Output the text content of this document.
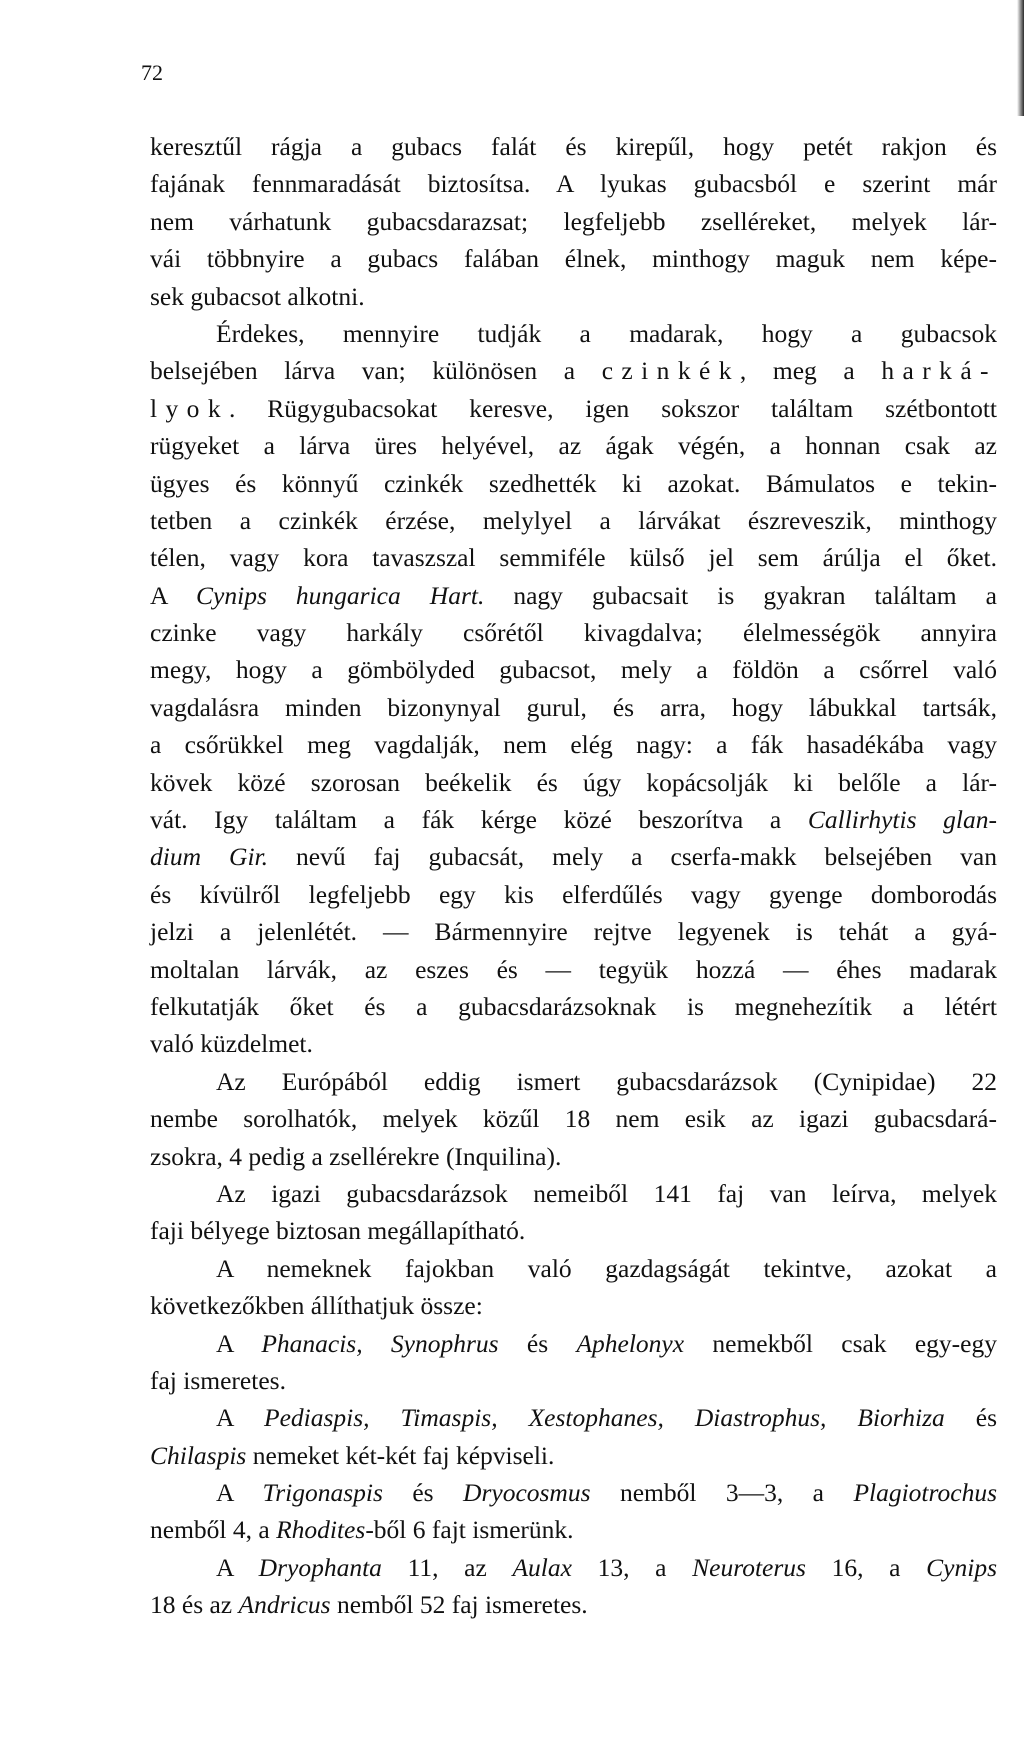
72
keresztűl rágja a gubacs falát és kirepűl, hogy petét rakjon és
fajának fennmaradását biztosítsa. A lyukas gubacsból e szerint már
nem várhatunk gubacsdarazsat; legfeljebb zselléreket, melyek lár-
vái többnyire a gubacs falában élnek, minthogy maguk nem képe-
sek gubacsot alkotni.
Érdekes, mennyire tudják a madarak, hogy a gubacsok
belsejében lárva van; különösen a czinkék, meg a harká-
lyok. Rügygubacsokat keresve, igen sokszor találtam szétbontott
rügyeket a lárva üres helyével, az ágak végén, a honnan csak az
ügyes és könnyű czinkék szedhették ki azokat. Bámulatos e tekin-
tetben a czinkék érzése, melylyel a lárvákat észreveszik, minthogy
télen, vagy kora tavaszszal semmiféle külső jel sem árúlja el őket.
A Cynips hungarica Hart. nagy gubacsait is gyakran találtam a
czinke vagy harkály csőrétől kivagdalva; élelmességök annyira
megy, hogy a gömbölyded gubacsot, mely a földön a csőrrel való
vagdalásra minden bizonynyal gurul, és arra, hogy lábukkal tartsák,
a csőrükkel meg vagdalják, nem elég nagy: a fák hasadékába vagy
kövek közé szorosan beékelik és úgy kopácsolják ki belőle a lár-
vát. Igy találtam a fák kérge közé beszorítva a Callirhytis glan-
dium Gir. nevű faj gubacsát, mely a cserfa-makk belsejében van
és kívülről legfeljebb egy kis elferdűlés vagy gyenge domborodás
jelzi a jelenlétét. — Bármennyire rejtve legyenek is tehát a gyá-
moltalan lárvák, az eszes és — tegyük hozzá — éhes madarak
felkutatják őket és a gubacsdarázsoknak is megnehezítik a létért
való küzdelmet.
Az Európából eddig ismert gubacsdarázsok (Cynipidae) 22
nembe sorolhatók, melyek közűl 18 nem esik az igazi gubacsdará-
zsokra, 4 pedig a zsellérekre (Inquilina).
Az igazi gubacsdarázsok nemeiből 141 faj van leírva, melyek
faji bélyege biztosan megállapítható.
A nemeknek fajokban való gazdagságát tekintve, azokat a
következőkben állíthatjuk össze:
A Phanacis, Synophrus és Aphelonyx nemekből csak egy-egy
faj ismeretes.
A Pediaspis, Timaspis, Xestophanes, Diastrophus, Biorhiza és
Chilaspis nemeket két-két faj képviseli.
A Trigonaspis és Dryocosmus nemből 3—3, a Plagiotrochus
nemből 4, a Rhodites-ből 6 fajt ismerünk.
A Dryophanta 11, az Aulax 13, a Neuroterus 16, a Cynips
18 és az Andricus nemből 52 faj ismeretes.
